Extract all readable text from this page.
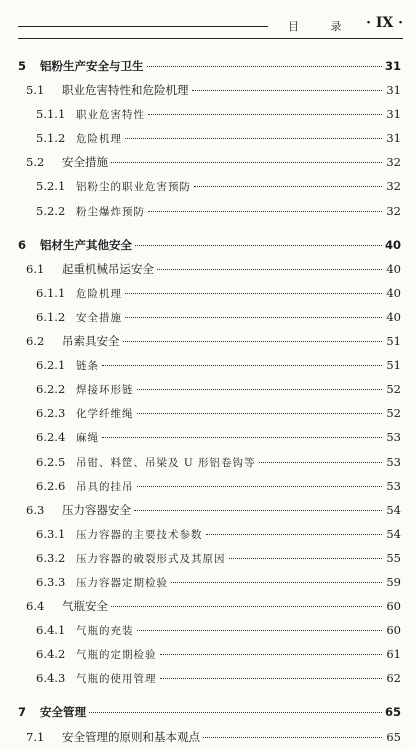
目 录 · IX ·
5	铝粉生产安全与卫生	31
5.1	职业危害特性和危险机理	31
5.1.1	职业危害特性	31
5.1.2	危险机理	31
5.2	安全措施	32
5.2.1	铝粉尘的职业危害预防	32
5.2.2	粉尘爆炸预防	32
6	铝材生产其他安全	40
6.1	起重机械吊运安全	40
6.1.1	危险机理	40
6.1.2	安全措施	40
6.2	吊索具安全	51
6.2.1	链条	51
6.2.2	焊接环形链	52
6.2.3	化学纤维绳	52
6.2.4	麻绳	53
6.2.5	吊钳、料筐、吊梁及 U 形铝卷钩等	53
6.2.6	吊具的挂吊	53
6.3	压力容器安全	54
6.3.1	压力容器的主要技术参数	54
6.3.2	压力容器的破裂形式及其原因	55
6.3.3	压力容器定期检验	59
6.4	气瓶安全	60
6.4.1	气瓶的充装	60
6.4.2	气瓶的定期检验	61
6.4.3	气瓶的使用管理	62
7	安全管理	65
7.1	安全管理的原则和基本观点	65
